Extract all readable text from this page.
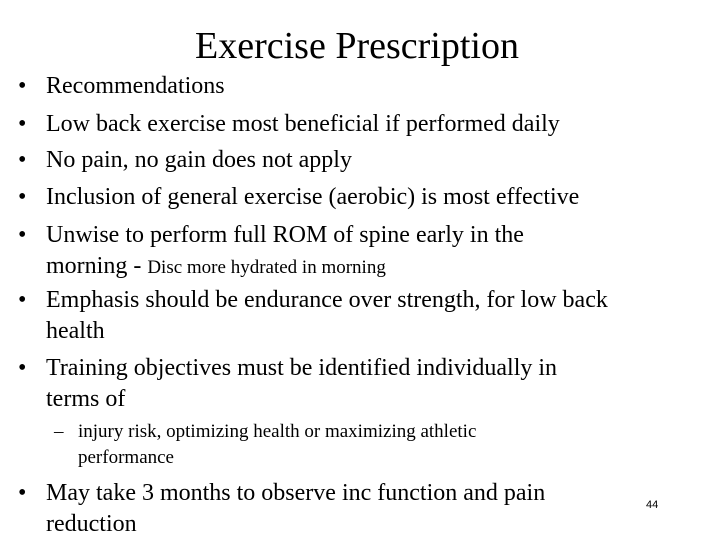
Exercise Prescription
• Recommendations
• Low back exercise most beneficial if performed daily
• No pain, no gain does not apply
• Inclusion of general exercise (aerobic) is most effective
• Unwise to perform full ROM of spine early in the
morning - Disc more hydrated in morning
• Emphasis should be endurance over strength, for low back
health
• Training objectives must be identified individually in
terms of
– injury risk, optimizing health or maximizing athletic
performance
• May take 3 months to observe inc function and pain
reduction
44
